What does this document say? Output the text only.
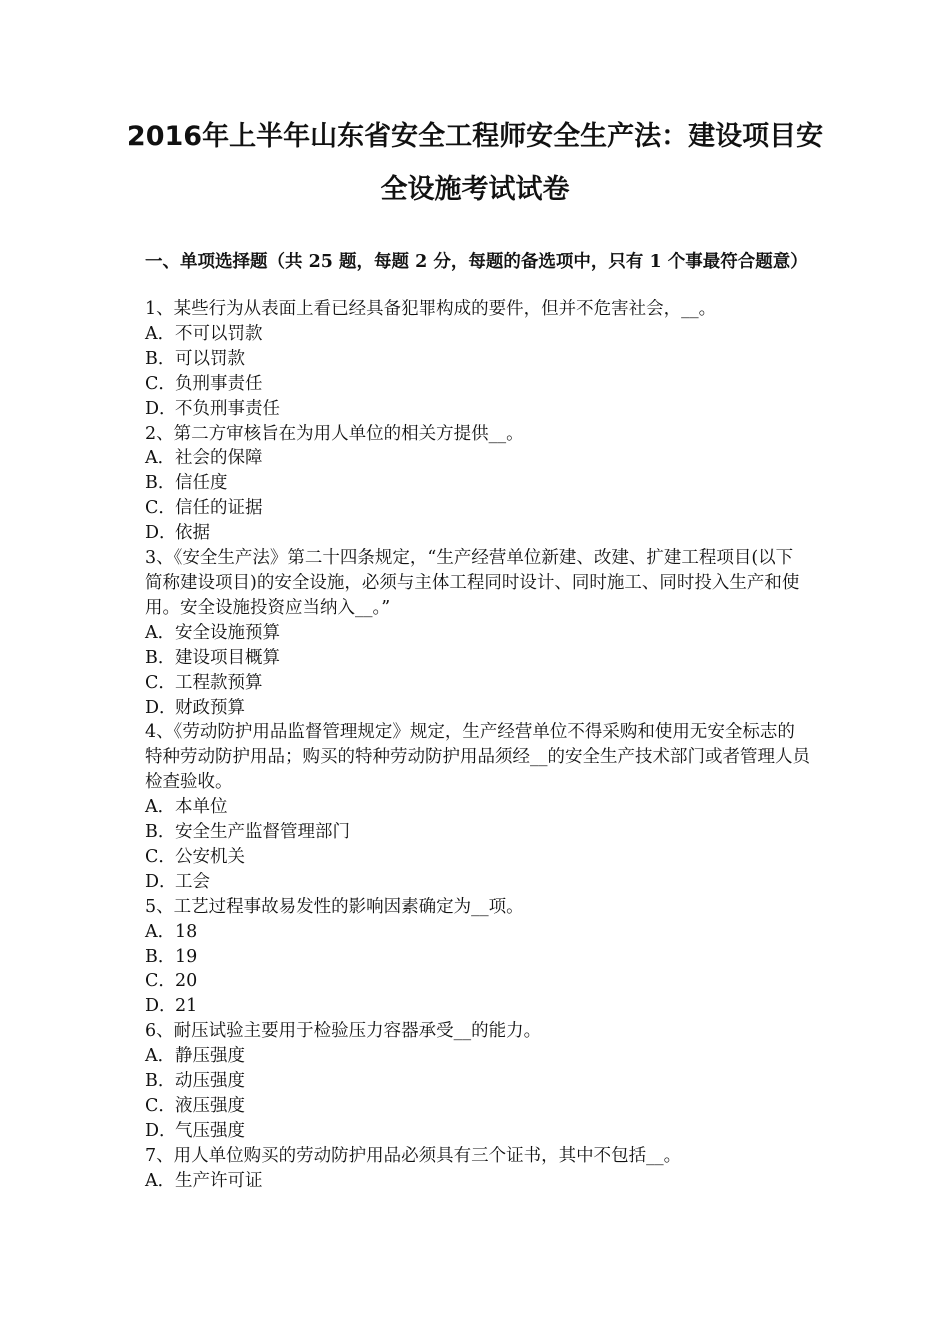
2016年上半年山东省安全工程师安全生产法：建设项目安
全设施考试试卷
一、单项选择题（共 25 题，每题 2 分，每题的备选项中，只有 1 个事最符合题意）

1、某些行为从表面上看已经具备犯罪构成的要件，但并不危害社会，__。

A．不可以罚款

B．可以罚款

C．负刑事责任

D．不负刑事责任

2、第二方审核旨在为用人单位的相关方提供__。

A．社会的保障

B．信任度

C．信任的证据

D．依据

3、《安全生产法》第二十四条规定，“生产经营单位新建、改建、扩建工程项目(以下简称建设项目)的安全设施，必须与主体工程同时设计、同时施工、同时投入生产和使用。安全设施投资应当纳入__。”

A．安全设施预算

B．建设项目概算

C．工程款预算

D．财政预算

4、《劳动防护用品监督管理规定》规定，生产经营单位不得采购和使用无安全标志的特种劳动防护用品；购买的特种劳动防护用品须经__的安全生产技术部门或者管理人员检查验收。

A．本单位

B．安全生产监督管理部门

C．公安机关

D．工会

5、工艺过程事故易发性的影响因素确定为__项。

A．18

B．19

C．20

D．21

6、耐压试验主要用于检验压力容器承受__的能力。

A．静压强度

B．动压强度

C．液压强度

D．气压强度

7、用人单位购买的劳动防护用品必须具有三个证书，其中不包括__。

A．生产许可证
